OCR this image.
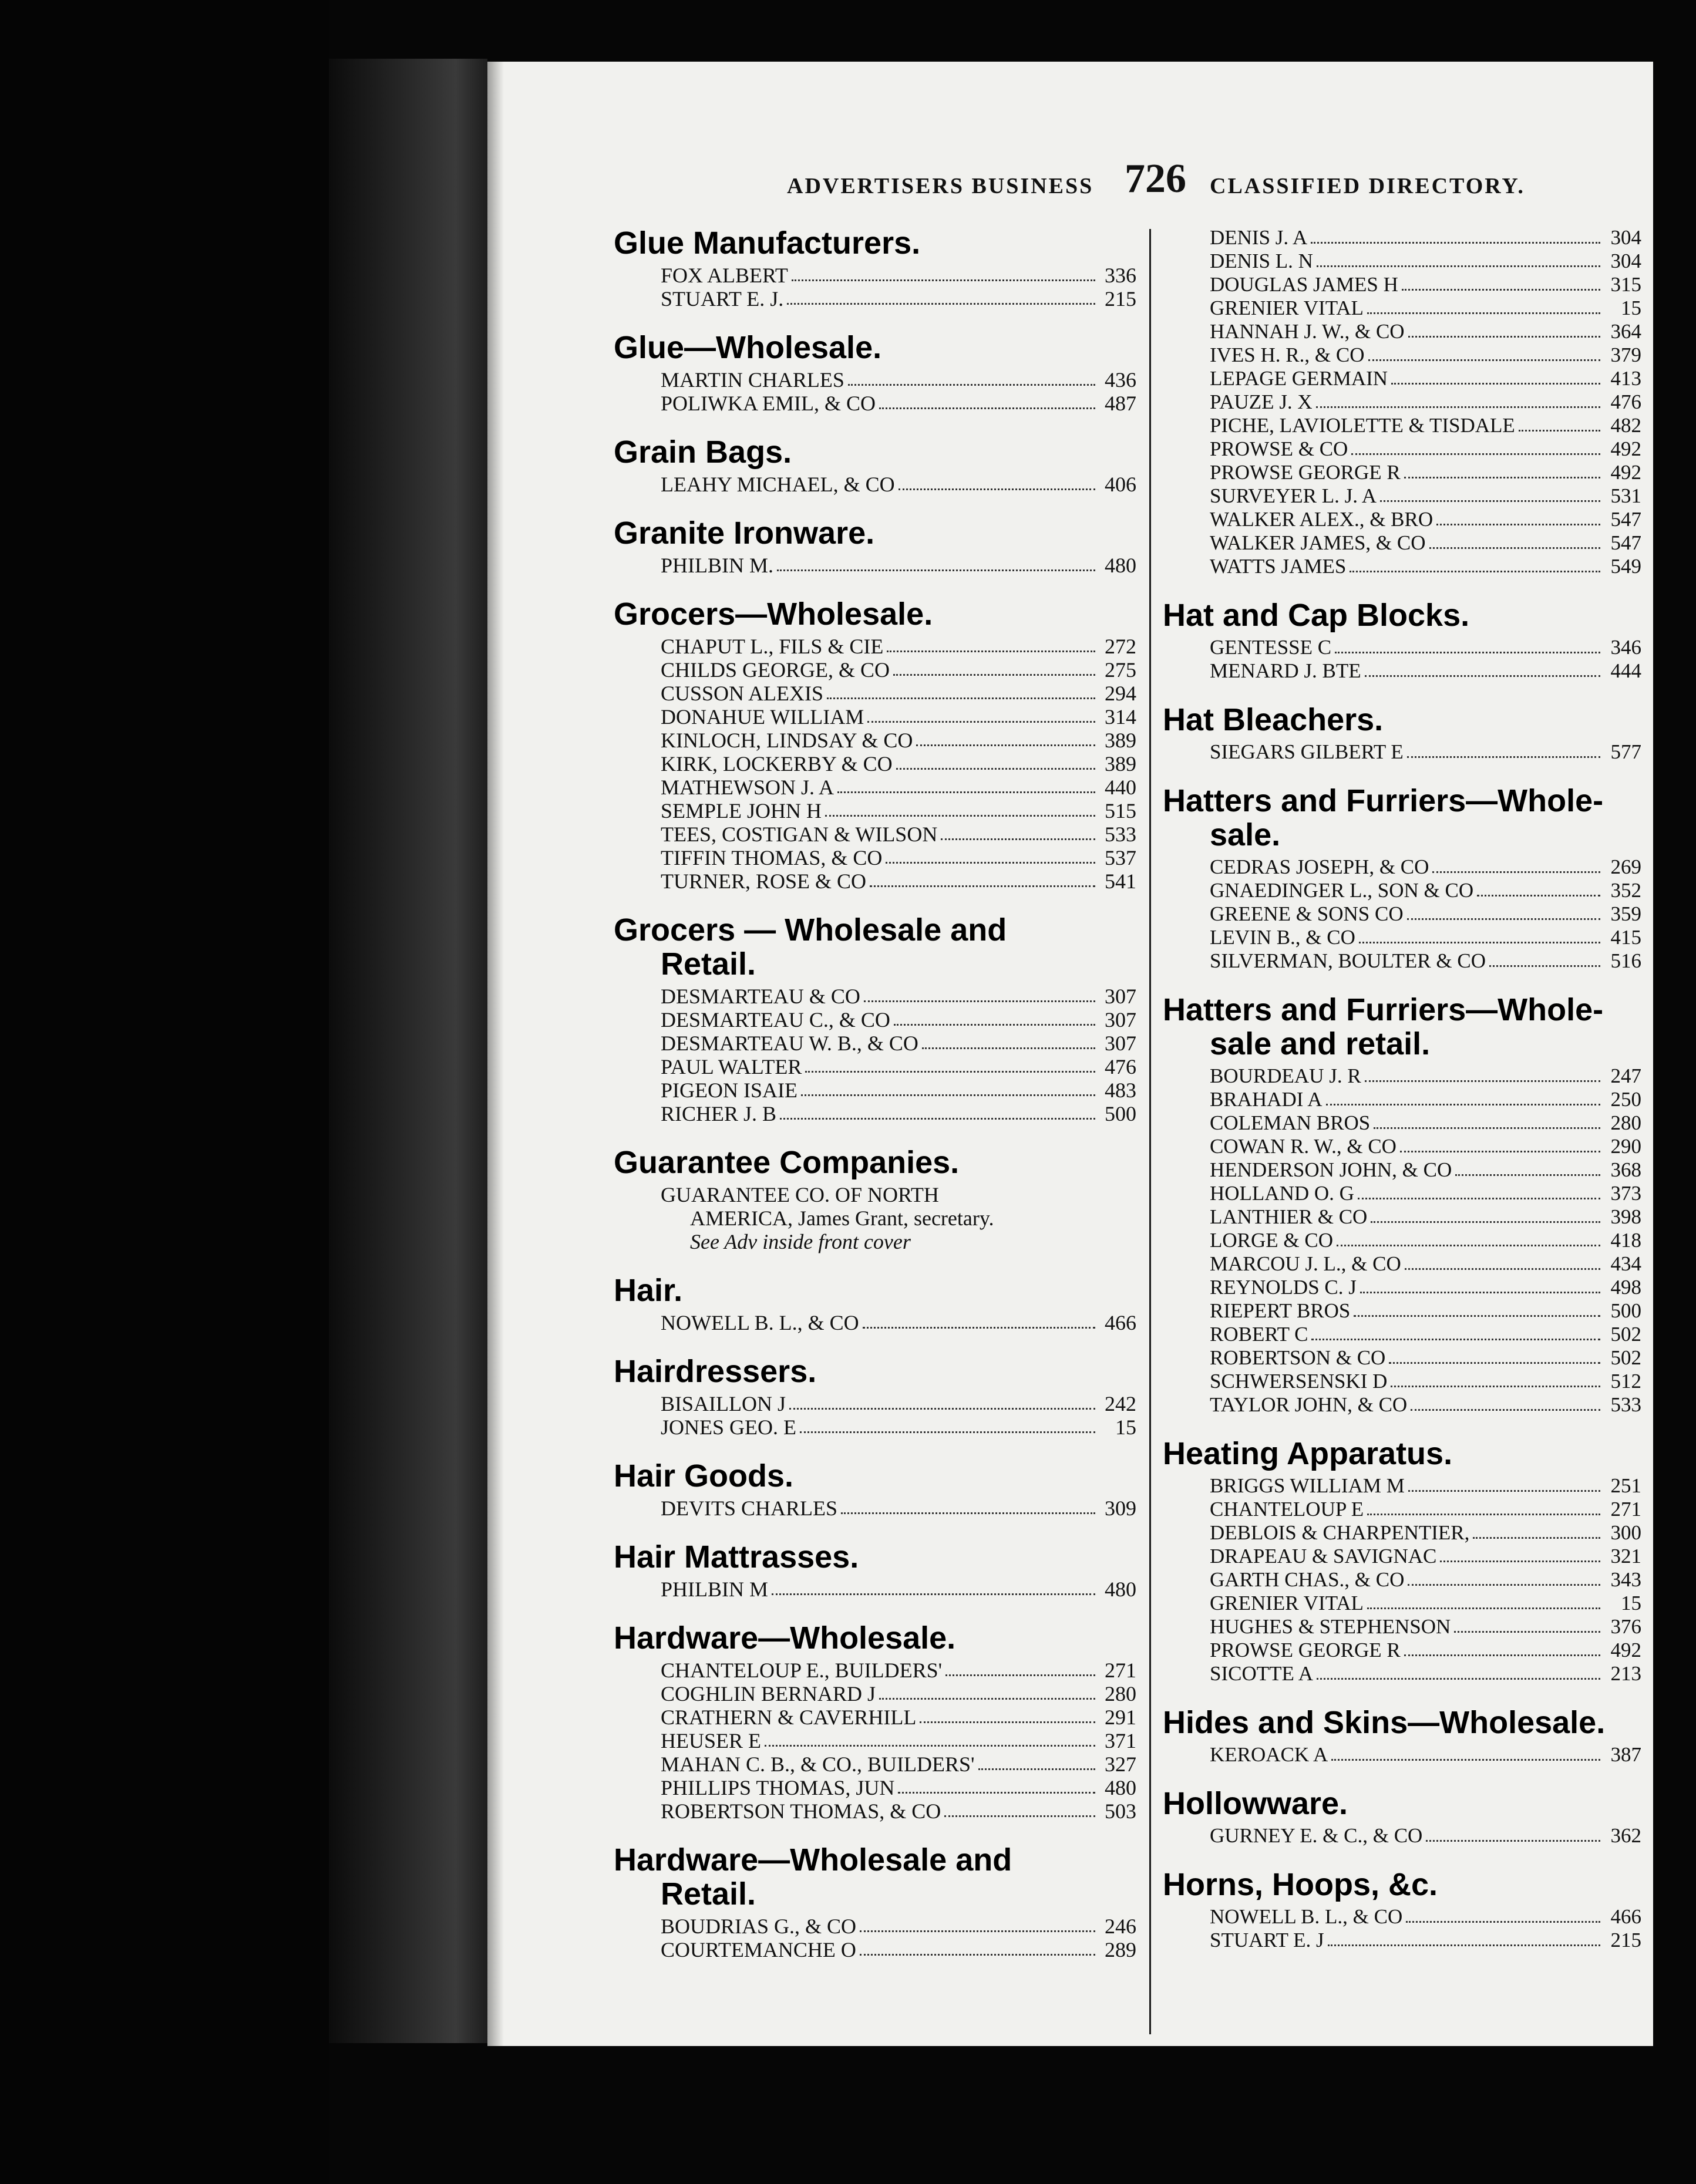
ADVERTISERS BUSINESS 726 CLASSIFIED DIRECTORY.
Glue Manufacturers.
FOX ALBERT	336
STUART E. J.	215
Glue—Wholesale.
MARTIN CHARLES	436
POLIWKA EMIL, & CO	487
Grain Bags.
LEAHY MICHAEL, & CO	406
Granite Ironware.
PHILBIN M.	480
Grocers—Wholesale.
CHAPUT L., FILS & CIE	272
CHILDS GEORGE, & CO	275
CUSSON ALEXIS	294
DONAHUE WILLIAM	314
KINLOCH, LINDSAY & CO	389
KIRK, LOCKERBY & CO	389
MATHEWSON J. A	440
SEMPLE JOHN H	515
TEES, COSTIGAN & WILSON	533
TIFFIN THOMAS, & CO	537
TURNER, ROSE & CO	541
Grocers — Wholesale and
Retail.
DESMARTEAU & CO	307
DESMARTEAU C., & CO	307
DESMARTEAU W. B., & CO	307
PAUL WALTER	476
PIGEON ISAIE	483
RICHER J. B	500
Guarantee Companies.
GUARANTEE CO. OF NORTH
AMERICA, James Grant, secretary.
See Adv inside front cover
Hair.
NOWELL B. L., & CO	466
Hairdressers.
BISAILLON J	242
JONES GEO. E	15
Hair Goods.
DEVITS CHARLES	309
Hair Mattrasses.
PHILBIN M	480
Hardware—Wholesale.
CHANTELOUP E., BUILDERS'	271
COGHLIN BERNARD J	280
CRATHERN & CAVERHILL	291
HEUSER E	371
MAHAN C. B., & CO., BUILDERS'	327
PHILLIPS THOMAS, JUN	480
ROBERTSON THOMAS, & CO	503
Hardware—Wholesale and
Retail.
BOUDRIAS G., & CO	246
COURTEMANCHE O	289
DENIS J. A	304
DENIS L. N	304
DOUGLAS JAMES H	315
GRENIER VITAL	15
HANNAH J. W., & CO	364
IVES H. R., & CO	379
LEPAGE GERMAIN	413
PAUZE J. X	476
PICHE, LAVIOLETTE & TISDALE	482
PROWSE & CO	492
PROWSE GEORGE R	492
SURVEYER L. J. A	531
WALKER ALEX., & BRO	547
WALKER JAMES, & CO	547
WATTS JAMES	549
Hat and Cap Blocks.
GENTESSE C	346
MENARD J. BTE	444
Hat Bleachers.
SIEGARS GILBERT E	577
Hatters and Furriers—Whole-
sale.
CEDRAS JOSEPH, & CO	269
GNAEDINGER L., SON & CO	352
GREENE & SONS CO	359
LEVIN B., & CO	415
SILVERMAN, BOULTER & CO	516
Hatters and Furriers—Whole-
sale and retail.
BOURDEAU J. R	247
BRAHADI A	250
COLEMAN BROS	280
COWAN R. W., & CO	290
HENDERSON JOHN, & CO	368
HOLLAND O. G	373
LANTHIER & CO	398
LORGE & CO	418
MARCOU J. L., & CO	434
REYNOLDS C. J	498
RIEPERT BROS	500
ROBERT C	502
ROBERTSON & CO	502
SCHWERSENSKI D	512
TAYLOR JOHN, & CO	533
Heating Apparatus.
BRIGGS WILLIAM M	251
CHANTELOUP E	271
DEBLOIS & CHARPENTIER,	300
DRAPEAU & SAVIGNAC	321
GARTH CHAS., & CO	343
GRENIER VITAL	15
HUGHES & STEPHENSON	376
PROWSE GEORGE R	492
SICOTTE A	213
Hides and Skins—Wholesale.
KEROACK A	387
Hollowware.
GURNEY E. & C., & CO	362
Horns, Hoops, &c.
NOWELL B. L., & CO	466
STUART E. J	215
